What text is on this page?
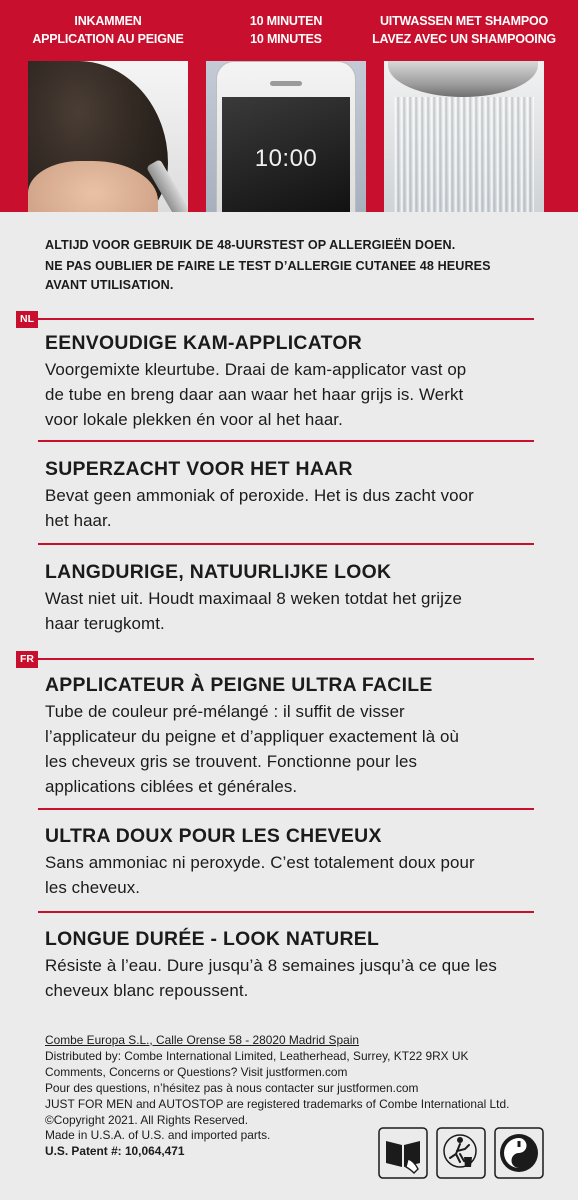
INKAMMEN
APPLICATION AU PEIGNE
10 MINUTEN
10 MINUTES
UITWASSEN MET SHAMPOO
LAVEZ AVEC UN SHAMPOOING
10:00
ALTIJD VOOR GEBRUIK DE 48-UURSTEST OP ALLERGIEËN DOEN.
NE PAS OUBLIER DE FAIRE LE TEST D’ALLERGIE CUTANEE 48 HEURES
AVANT UTILISATION.
NL
EENVOUDIGE KAM-APPLICATOR

Voorgemixte kleurtube. Draai de kam-applicator vast op
de tube en breng daar aan waar het haar grijs is. Werkt
voor lokale plekken én voor al het haar.

SUPERZACHT VOOR HET HAAR

Bevat geen ammoniak of peroxide. Het is dus zacht voor
het haar.

LANGDURIGE, NATUURLIJKE LOOK

Wast niet uit. Houdt maximaal 8 weken totdat het grijze
haar terugkomt.

FR
APPLICATEUR À PEIGNE ULTRA FACILE

Tube de couleur pré-mélangé : il suffit de visser
l’applicateur du peigne et d’appliquer exactement là où
les cheveux gris se trouvent. Fonctionne pour les
applications ciblées et générales.

ULTRA DOUX POUR LES CHEVEUX

Sans ammoniac ni peroxyde. C’est totalement doux pour
les cheveux.

LONGUE DURÉE - LOOK NATUREL

Résiste à l’eau. Dure jusqu’à 8 semaines jusqu’à ce que les
cheveux blanc repoussent.

Combe Europa S.L., Calle Orense 58 - 28020 Madrid Spain
Distributed by: Combe International Limited, Leatherhead, Surrey, KT22 9RX UK
Comments, Concerns or Questions? Visit justformen.com
Pour des questions, n’hésitez pas à nous contacter sur justformen.com
JUST FOR MEN and AUTOSTOP are registered trademarks of Combe International Ltd.
©Copyright 2021. All Rights Reserved.
Made in U.S.A. of U.S. and imported parts.
U.S. Patent #: 10,064,471
